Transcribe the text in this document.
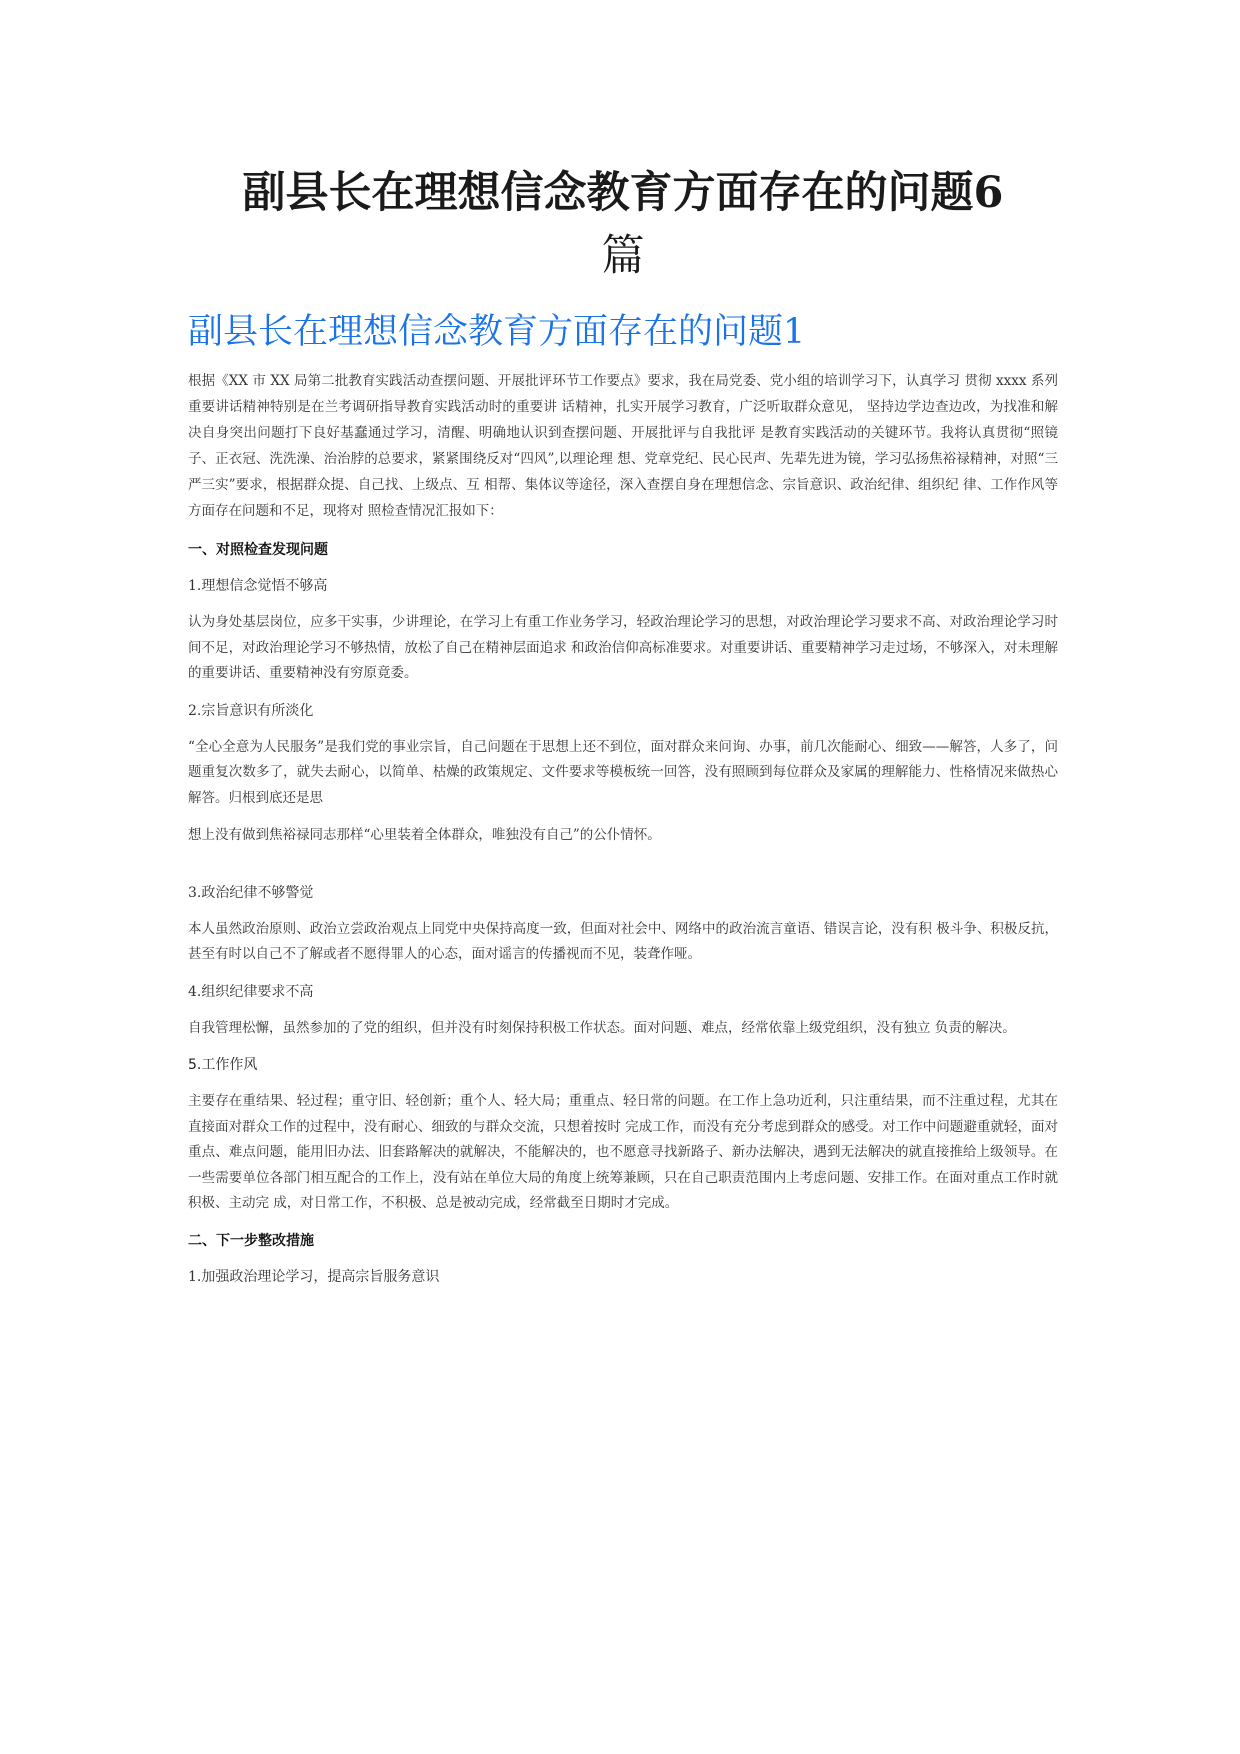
副县长在理想信念教育方面存在的问题6
篇
副县长在理想信念教育方面存在的问题1

根据《XX 市 XX 局第二批教育实践活动查摆问题、开展批评环节工作要点》要求，我在局党委、党小组的培训学习下，认真学习 贯彻 xxxx 系列重要讲话精神特别是在兰考调研指导教育实践活动时的重要讲 话精神，扎实开展学习教育，广泛听取群众意见， 坚持边学边查边改，为找准和解决自身突出问题打下良好基蠢通过学习，清醒、明确地认识到查摆问题、开展批评与自我批评 是教育实践活动的关键环节。我将认真贯彻“照镜子、正衣冠、洗洗澡、治治脖的总要求，紧紧围绕反对“四风”,以理论理 想、党章党纪、民心民声、先辈先进为镜，学习弘扬焦裕禄精神，对照“三严三实”要求，根据群众提、自己找、上级点、互 相帮、集体议等途径，深入查摆自身在理想信念、宗旨意识、政治纪律、组织纪 律、工作作风等方面存在问题和不足，现将对 照检查情况汇报如下：

一、对照检查发现问题

1.理想信念觉悟不够高

认为身处基层岗位，应多干实事，少讲理论，在学习上有重工作业务学习，轻政治理论学习的思想，对政治理论学习要求不高、对政治理论学习时间不足，对政治理论学习不够热情，放松了自己在精神层面追求 和政治信仰高标准要求。对重要讲话、重要精神学习走过场，不够深入，对未理解的重要讲话、重要精神没有穷原竟委。

2.宗旨意识有所淡化

“全心全意为人民服务”是我们党的事业宗旨，自己问题在于思想上还不到位，面对群众来问询、办事，前几次能耐心、细致——解答，人多了，问题重复次数多了，就失去耐心，以简单、枯燥的政策规定、文件要求等模板统一回答，没有照顾到每位群众及家属的理解能力、性格情况来做热心解答。归根到底还是思

想上没有做到焦裕禄同志那样“心里装着全体群众，唯独没有自己”的公仆情怀。

3.政治纪律不够警觉

本人虽然政治原则、政治立尝政治观点上同党中央保持高度一致，但面对社会中、网络中的政治流言童语、错误言论，没有积 极斗争、积极反抗，甚至有时以自己不了解或者不愿得罪人的心态，面对谣言的传播视而不见，装聋作哑。

4.组织纪律要求不高

自我管理松懈，虽然参加的了党的组织，但并没有时刻保持积极工作状态。面对问题、难点，经常依靠上级党组织，没有独立 负责的解决。

5.工作作风

主要存在重结果、轻过程；重守旧、轻创新；重个人、轻大局；重重点、轻日常的问题。在工作上急功近利，只注重结果，而不注重过程，尤其在直接面对群众工作的过程中，没有耐心、细致的与群众交流，只想着按时 完成工作，而没有充分考虑到群众的感受。对工作中问题避重就轻，面对重点、难点问题，能用旧办法、旧套路解决的就解决，不能解决的，也不愿意寻找新路子、新办法解决，遇到无法解决的就直接推给上级领导。在一些需要单位各部门相互配合的工作上，没有站在单位大局的角度上统筹兼顾，只在自己职责范围内上考虑问题、安排工作。在面对重点工作时就积极、主动完 成，对日常工作，不积极、总是被动完成，经常截至日期时才完成。

二、下一步整改措施

1.加强政治理论学习，提高宗旨服务意识
